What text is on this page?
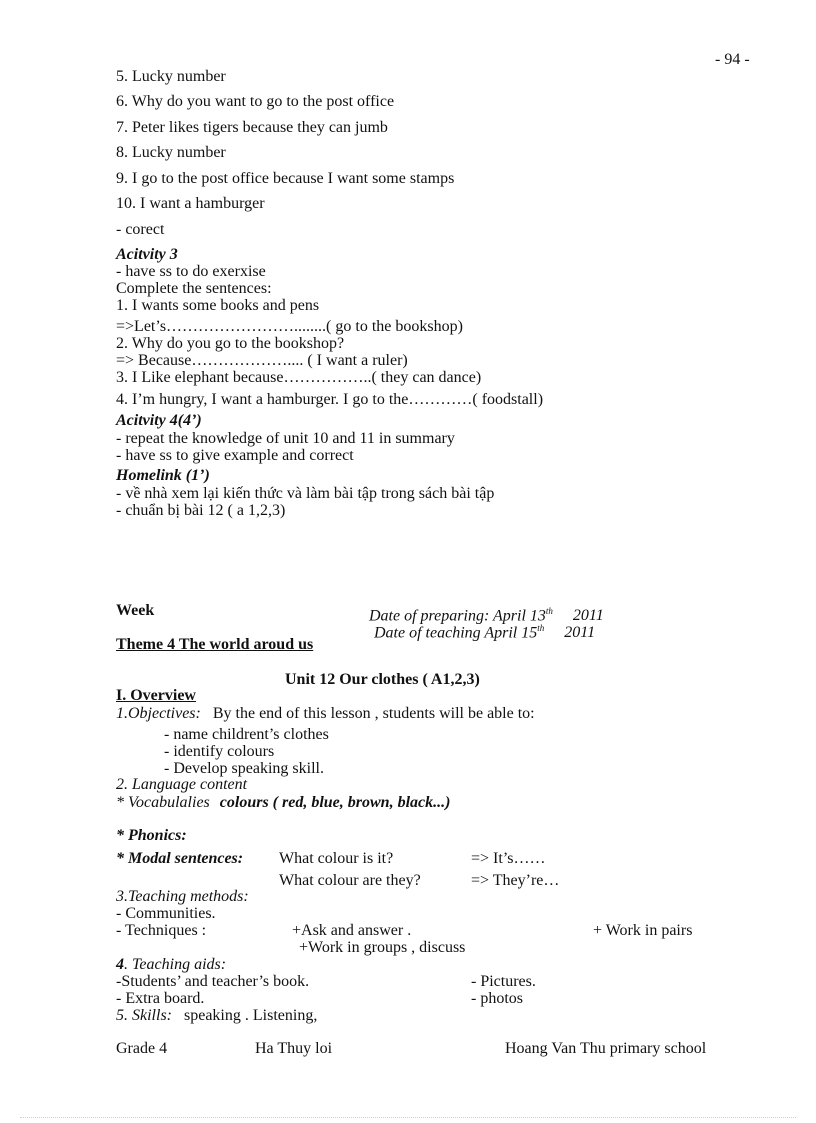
- 94 -
5. Lucky number
6. Why do you want to go to the post office
7. Peter likes tigers because they can jumb
8. Lucky number
9. I go to the post office because I want some stamps
10. I want a hamburger
- corect
Acitvity 3
- have ss to do exerxise
Complete the sentences:
1. I wants some books and pens
=>Let’s……………………........( go to the bookshop)
2. Why do you go to the bookshop?
=> Because……………….... ( I want a ruler)
3. I Like elephant because……………..( they can dance)
4. I’m hungry, I want a hamburger. I go to the…………( foodstall)
Acitvity 4(4’)
- repeat the knowledge of unit 10 and 11 in summary
- have ss to give example and correct
Homelink (1’)
- về nhà xem lại kiến thức và làm bài tập trong sách bài tập
- chuẩn bị bài 12 ( a 1,2,3)
Week	Date of preparing: April 13th 2011
Date of teaching April 15th 2011
Theme 4 The world aroud us
Unit 12 Our clothes ( A1,2,3)
I. Overview
1.Objectives: By the end of this lesson , students will be able to:
- name childrent’s clothes
- identify colours
- Develop speaking skill.
2. Language content
* Vocabulalies colours ( red, blue, brown, black...)
* Phonics:
* Modal sentences: What colour is it?	=> It’s……
What colour are they?	=> They’re…
3.Teaching methods:
- Communities.
- Techniques :	+Ask and answer .	+ Work in pairs
+Work in groups , discuss
4. Teaching aids:
-Students’ and teacher’s book.	- Pictures.
- Extra board.	- photos
5. Skills: speaking . Listening,
Grade 4	Ha Thuy loi	Hoang Van Thu primary school
